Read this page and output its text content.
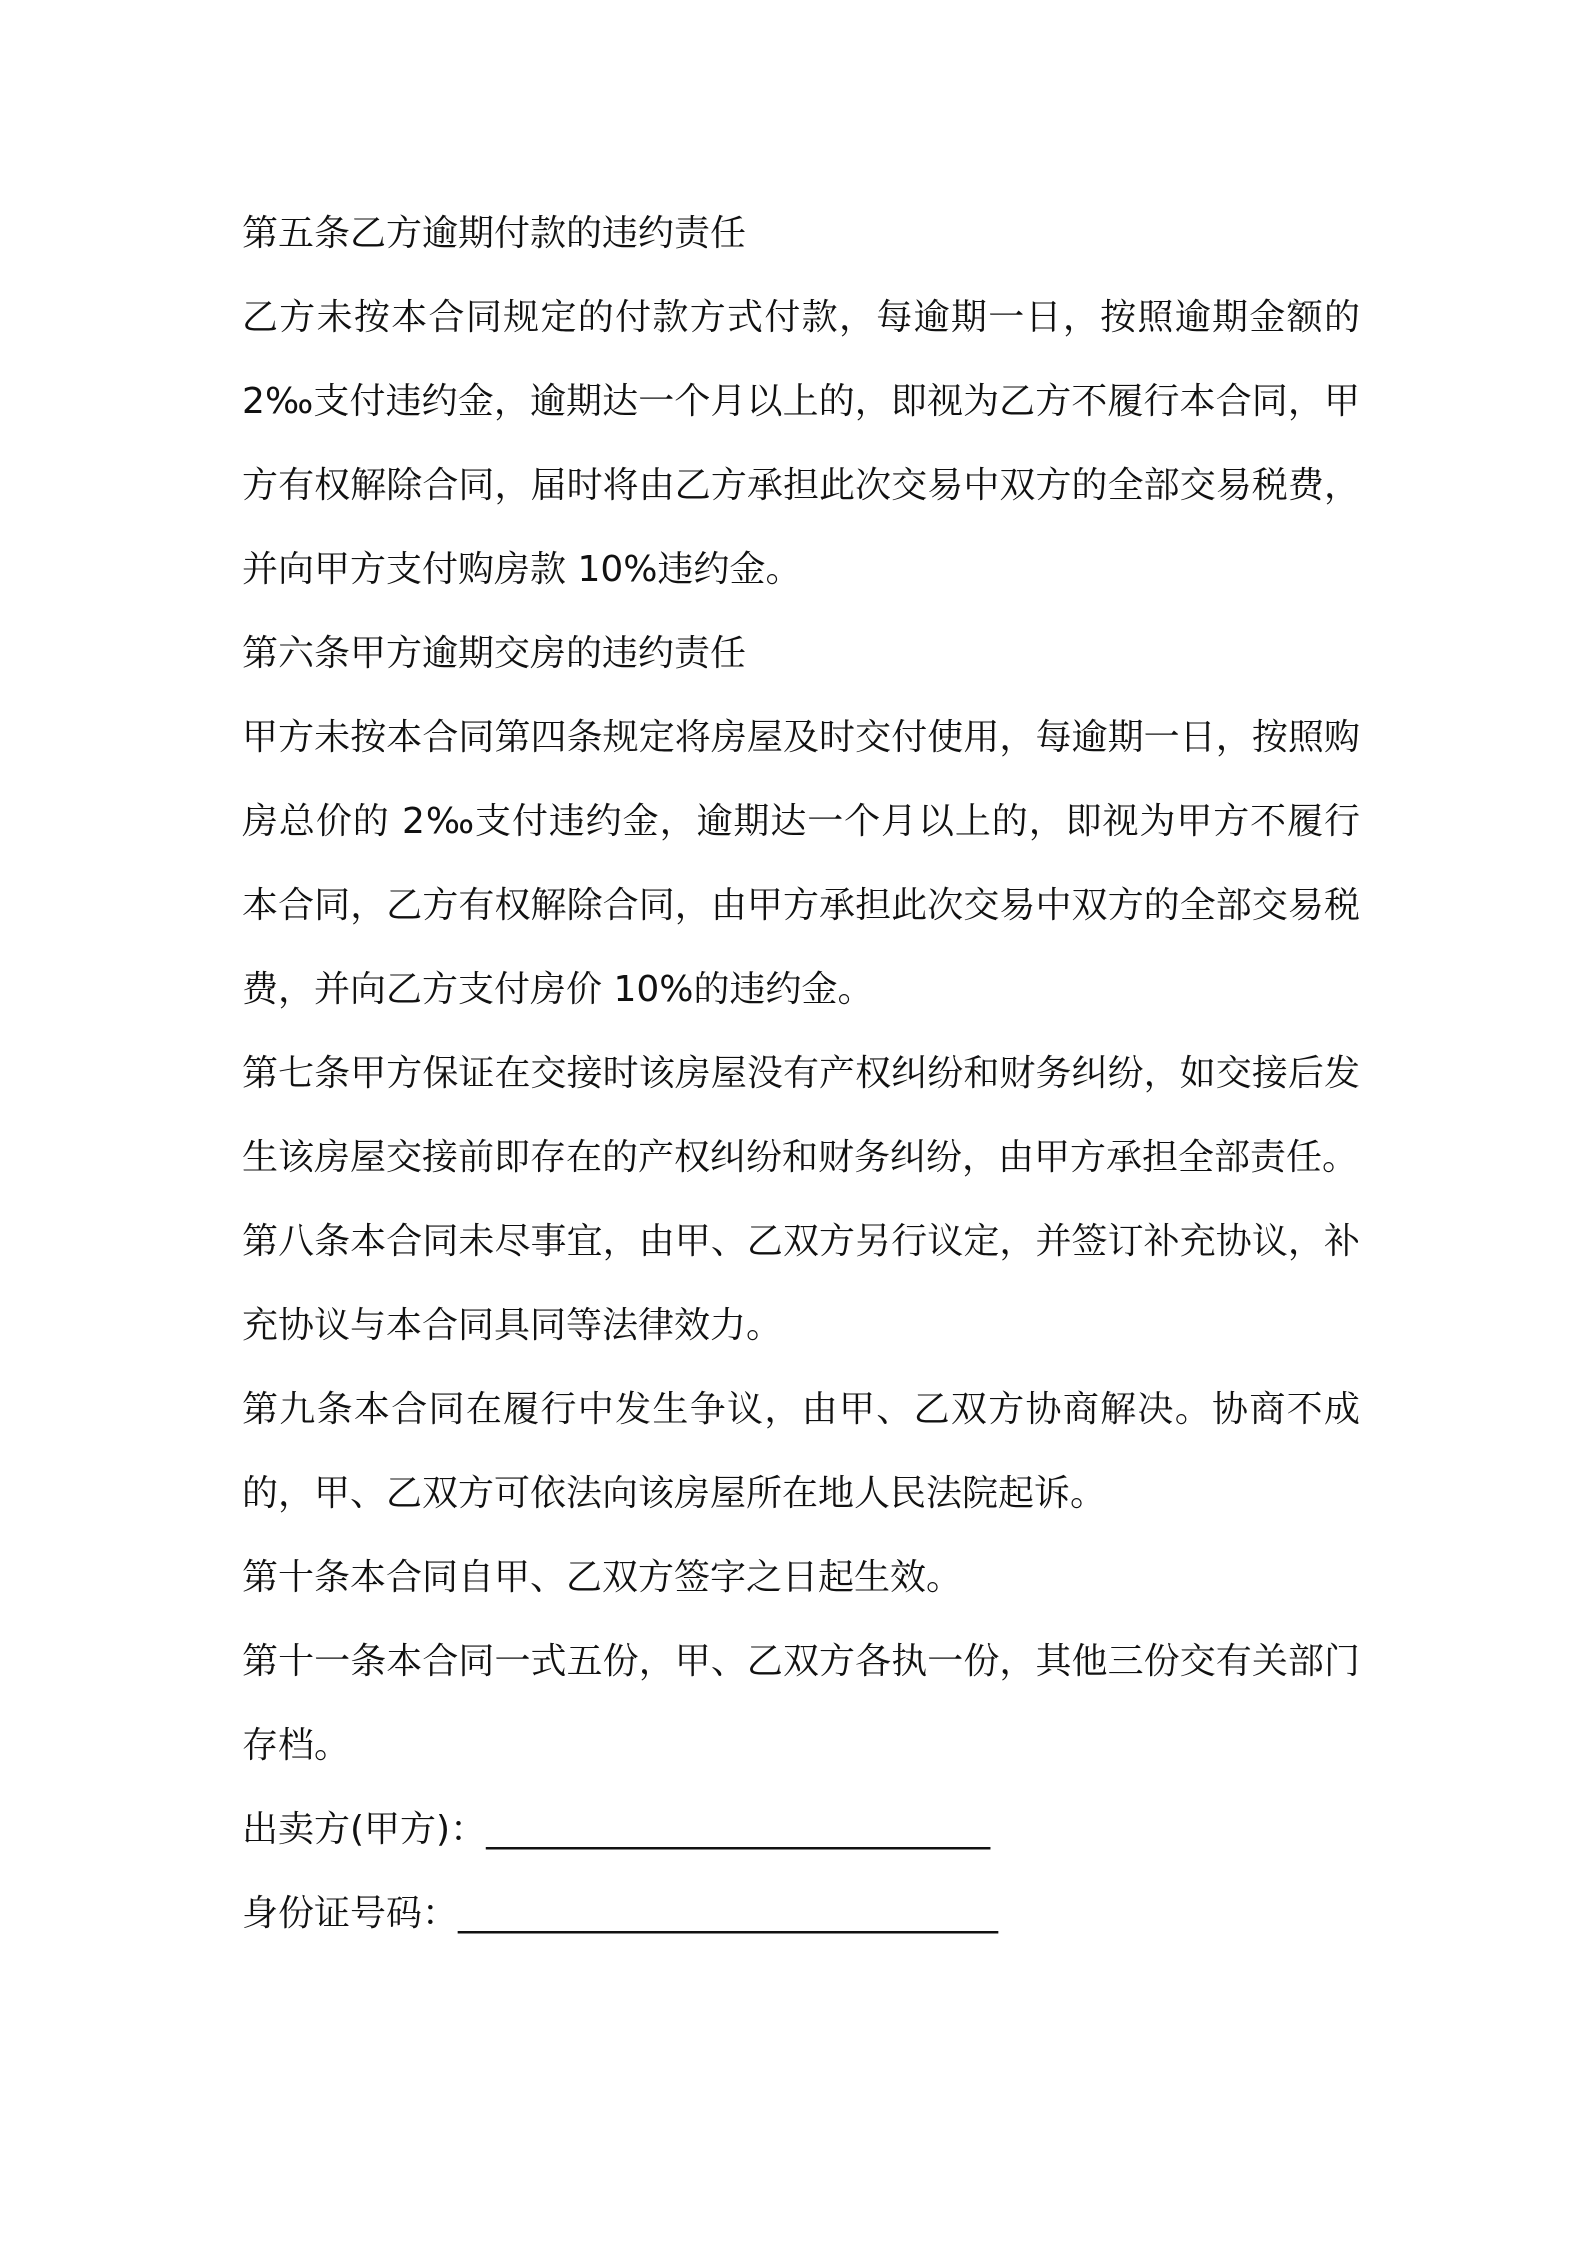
第五条乙方逾期付款的违约责任

乙方未按本合同规定的付款方式付款，每逾期一日，按照逾期金额的2‰支付违约金，逾期达一个月以上的，即视为乙方不履行本合同，甲方有权解除合同，届时将由乙方承担此次交易中双方的全部交易税费，并向甲方支付购房款 10%违约金。

第六条甲方逾期交房的违约责任

甲方未按本合同第四条规定将房屋及时交付使用，每逾期一日，按照购房总价的 2‰支付违约金，逾期达一个月以上的，即视为甲方不履行本合同，乙方有权解除合同，由甲方承担此次交易中双方的全部交易税费，并向乙方支付房价 10%的违约金。

第七条甲方保证在交接时该房屋没有产权纠纷和财务纠纷，如交接后发生该房屋交接前即存在的产权纠纷和财务纠纷，由甲方承担全部责任。

第八条本合同未尽事宜，由甲、乙双方另行议定，并签订补充协议，补充协议与本合同具同等法律效力。

第九条本合同在履行中发生争议，由甲、乙双方协商解决。协商不成的，甲、乙双方可依法向该房屋所在地人民法院起诉。

第十条本合同自甲、乙双方签字之日起生效。

第十一条本合同一式五份，甲、乙双方各执一份，其他三份交有关部门存档。

出卖方(甲方)：____________________________

身份证号码：______________________________
